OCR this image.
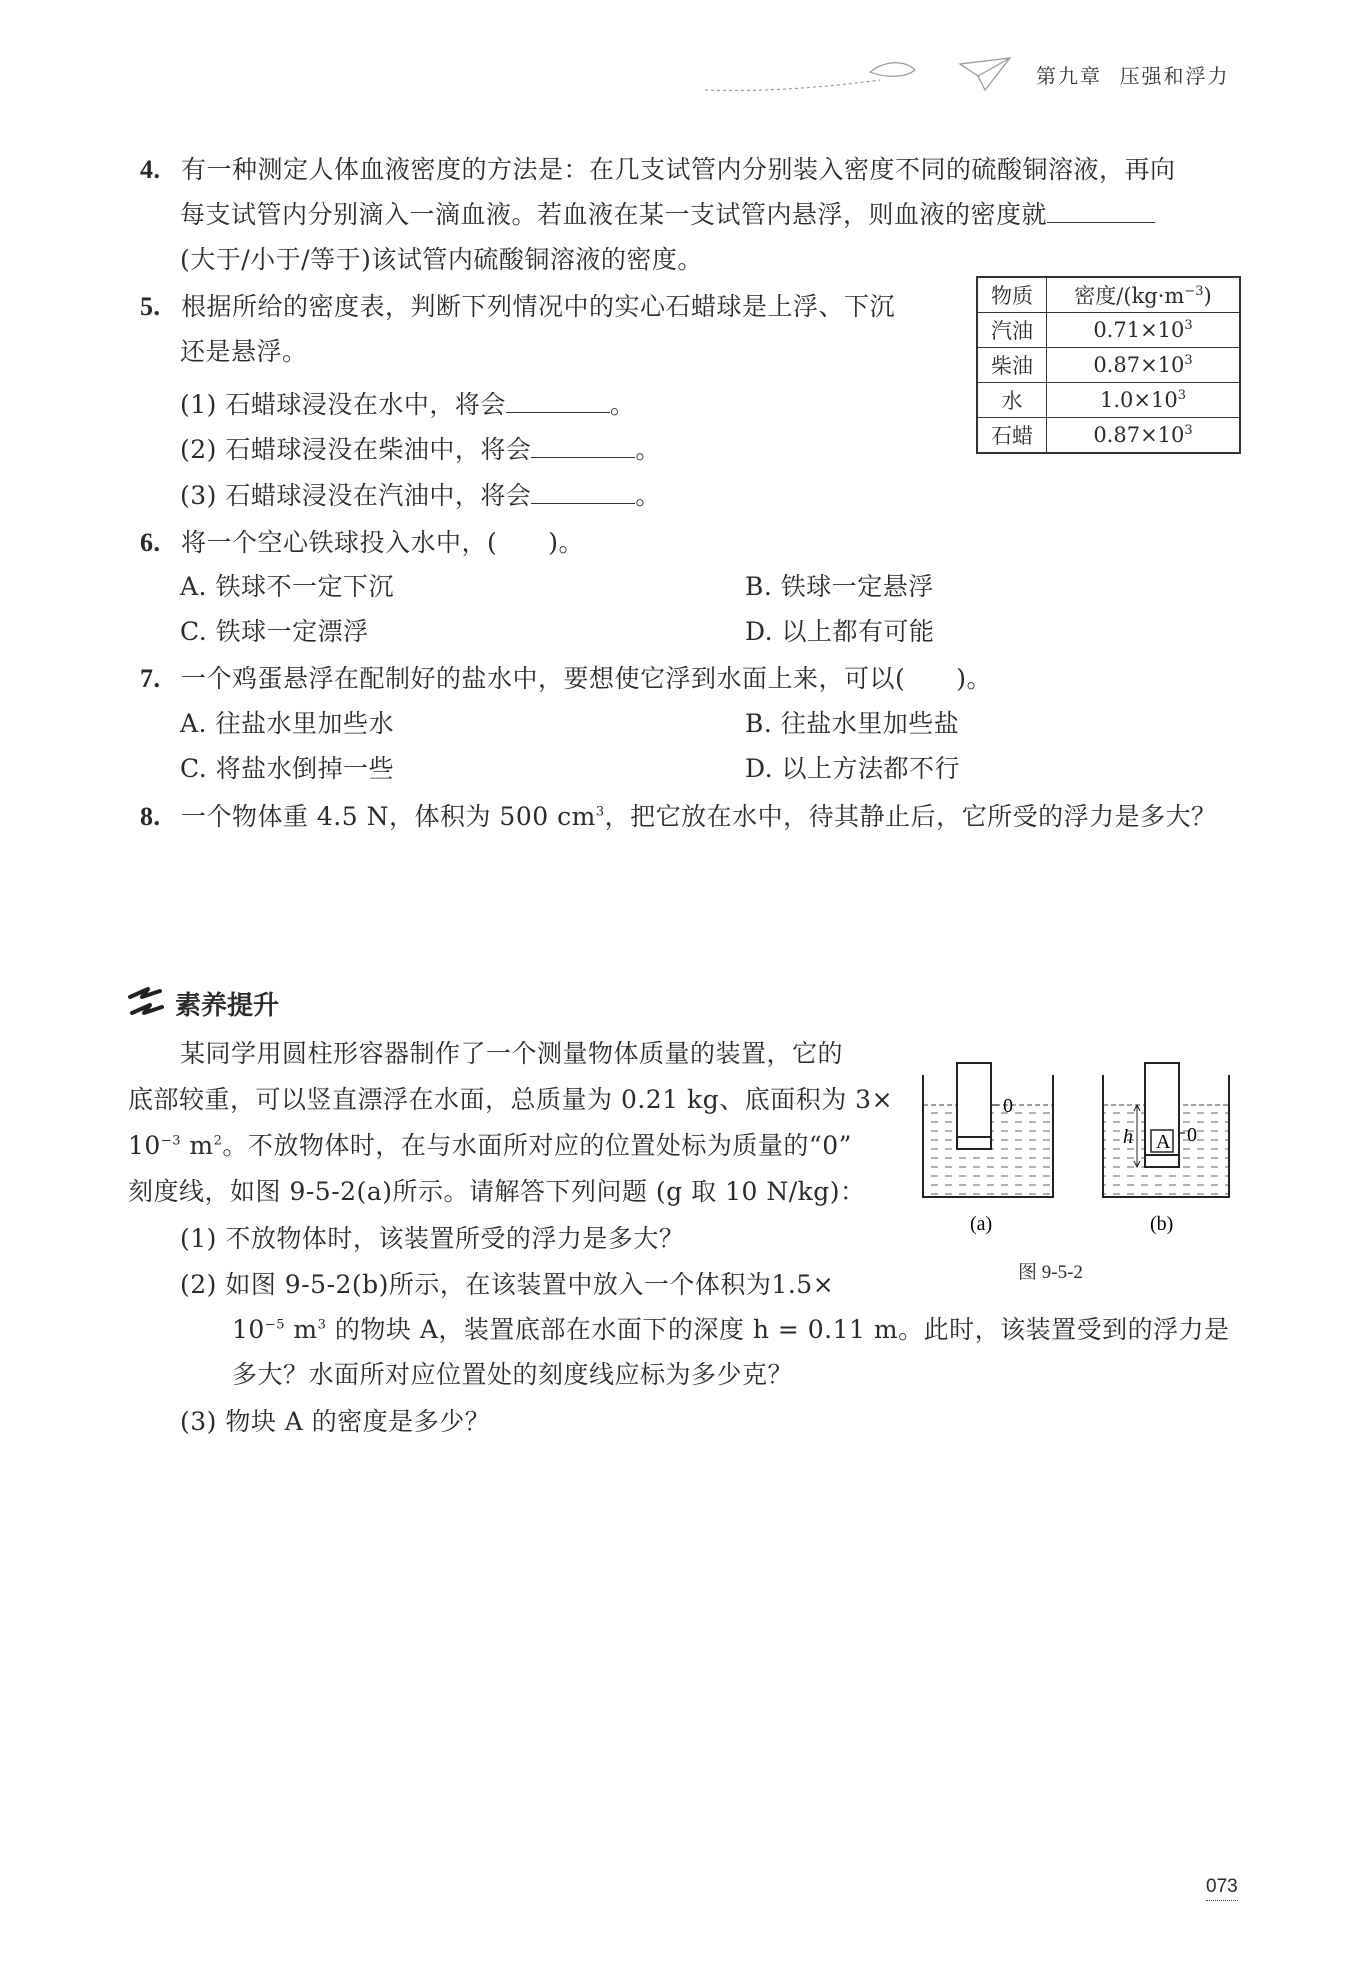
第九章 压强和浮力
4. 有一种测定人体血液密度的方法是：在几支试管内分别装入密度不同的硫酸铜溶液，再向
每支试管内分别滴入一滴血液。若血液在某一支试管内悬浮，则血液的密度就
(大于/小于/等于)该试管内硫酸铜溶液的密度。
5. 根据所给的密度表，判断下列情况中的实心石蜡球是上浮、下沉
还是悬浮。
(1) 石蜡球浸没在水中，将会	。
(2) 石蜡球浸没在柴油中，将会	。
(3) 石蜡球浸没在汽油中，将会	。
物质	密度$/(kg\cdot m^{-3})$
汽油	$0.71\times 10^3$
柴油	$0.87\times 10^3$
水	$1.0\times 10^3$
石蜡	$0.87\times 10^3$
6. 将一个空心铁球投入水中，(　　)。
A. 铁球不一定下沉	B. 铁球一定悬浮
C. 铁球一定漂浮	D. 以上都有可能
7. 一个鸡蛋悬浮在配制好的盐水中，要想使它浮到水面上来，可以(　　)。
A. 往盐水里加些水	B. 往盐水里加些盐
C. 将盐水倒掉一些	D. 以上方法都不行
8. 一个物体重 4.5 N，体积为 500 $cm^3$，把它放在水中，待其静止后，它所受的浮力是多大？
素养提升
某同学用圆柱形容器制作了一个测量物体质量的装置，它的
底部较重，可以竖直漂浮在水面，总质量为 0.21 kg、底面积为 3×
$10^{-3}$ $m^2$。不放物体时，在与水面所对应的位置处标为质量的“0”
刻度线，如图 9-5-2(a)所示。请解答下列问题 (g 取 10 N/kg)：
(1) 不放物体时，该装置所受的浮力是多大？
(2) 如图 9-5-2(b)所示，在该装置中放入一个体积为1.5×
$10^{-5}$ $m^3$ 的物块 A，装置底部在水面下的深度 h = 0.11 m。此时，该装置受到的浮力是
多大？水面所对应位置处的刻度线应标为多少克？
(3) 物块 A 的密度是多少？
0
A 0
h
(a)	(b)
图 9-5-2
073
